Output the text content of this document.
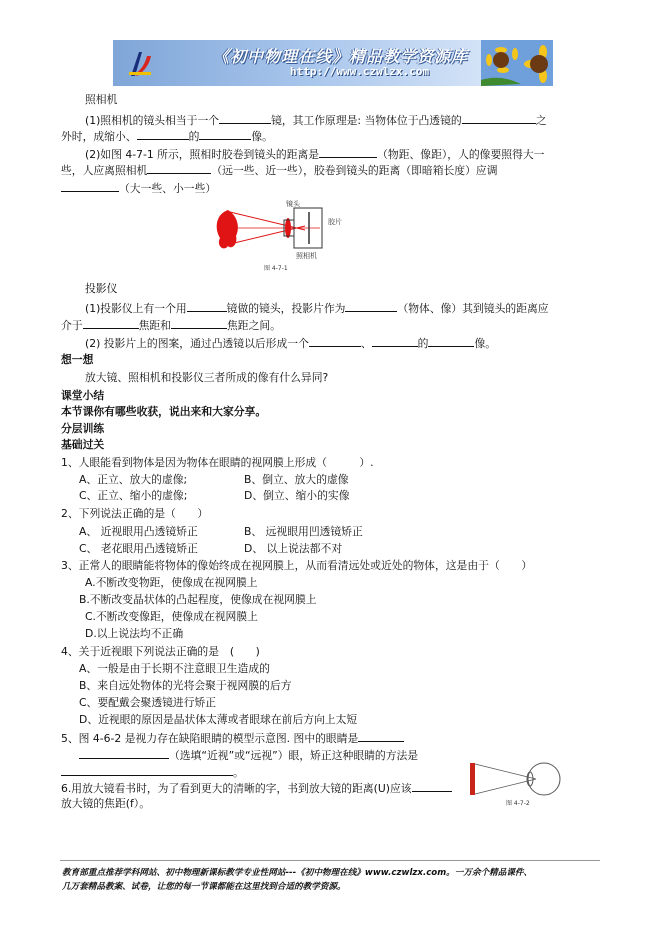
《初中物理在线》精品教学资源库
http://www.czwlzx.com
照相机
(1)照相机的镜头相当于一个	镜，其工作原理是: 当物体位于凸透镜的	之
外时，成缩小、	的	像。
(2)如图 4-7-1 所示，照相时胶卷到镜头的距离是	（物距、像距），人的像要照得大一
些，人应离照相机	（远一些、近一些），胶卷到镜头的距离（即暗箱长度）应调
（大一些、小一些）
镜头
胶片
照相机
图 4-7-1
投影仪
(1)投影仪上有一个用	镜做的镜头，投影片作为	（物体、像）其到镜头的距离应
介于	焦距和	焦距之间。
(2) 投影片上的图案，通过凸透镜以后形成一个	、	的	像。
想一想
放大镜、照相机和投影仪三者所成的像有什么异同?
课堂小结
本节课你有哪些收获，说出来和大家分享。
分层训练
基础过关
1、人眼能看到物体是因为物体在眼睛的视网膜上形成（　　　）.
A、正立、放大的虚像;	B、倒立、放大的虚像
C、正立、缩小的虚像;	D、倒立、缩小的实像
2、下列说法正确的是（　　）
A、 近视眼用凸透镜矫正	B、 远视眼用凹透镜矫正
C、 老花眼用凸透镜矫正	D、 以上说法都不对
3、正常人的眼睛能将物体的像始终成在视网膜上，从而看清远处或近处的物体，这是由于（　　）
A.不断改变物距，使像成在视网膜上
B.不断改变晶状体的凸起程度，使像成在视网膜上
C.不断改变像距，使像成在视网膜上
D.以上说法均不正确
4、关于近视眼下列说法正确的是　(　　)
A、一般是由于长期不注意眼卫生造成的
B、来自远处物体的光将会聚于视网膜的后方
C、要配戴会聚透镜进行矫正
D、近视眼的原因是晶状体太薄或者眼球在前后方向上太短
5、图 4-6-2 是视力存在缺陷眼睛的模型示意图. 图中的眼睛是
（选填“近视”或“远视”）眼，矫正这种眼睛的方法是
。
6.用放大镜看书时，为了看到更大的清晰的字，书到放大镜的距离(U)应该
放大镜的焦距(f）。	图 4-7-2
教育部重点推荐学科网站、初中物理新课标教学专业性网站---《初中物理在线》www.czwlzx.com。一万余个精品课件、
几万套精品教案、试卷，让您的每一节课都能在这里找到合适的教学资源。
